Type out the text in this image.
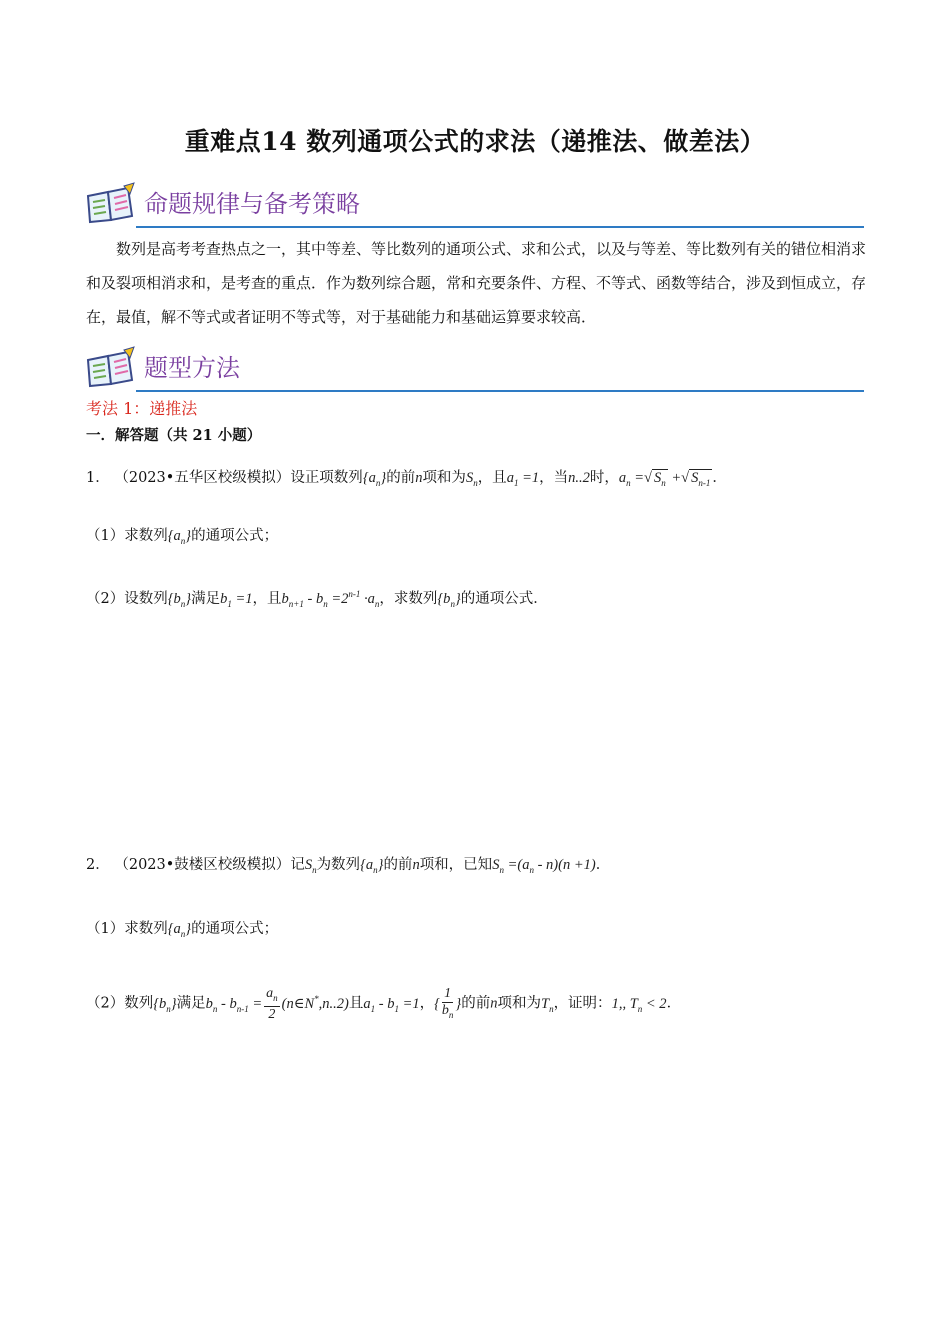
重难点14 数列通项公式的求法（递推法、做差法）
命题规律与备考策略
数列是高考考查热点之一，其中等差、等比数列的通项公式、求和公式，以及与等差、等比数列有关的错位相消求和及裂项相消求和，是考查的重点．作为数列综合题，常和充要条件、方程、不等式、函数等结合，涉及到恒成立，存在，最值，解不等式或者证明不等式等，对于基础能力和基础运算要求较高．
题型方法
考法 1：递推法
一．解答题（共 21 小题）
1． （2023•五华区校级模拟）设正项数列$\{a_n\}$的前n项和为$S_n$，且$a_1 =1$，当n..2时，$a_n$ =√ $S_n$ +√ $S_{n-1}$ ．
（1）求数列$\{a_n\}$的通项公式；
（2）设数列$\{b_n\}$满足$b_1 =1$，且$b_{n+1} - b_n =2^{n-1} \cdot a_n$，求数列$\{b_n\}$的通项公式．
2． （2023•鼓楼区校级模拟）记$S_n$为数列$\{a_n\}$的前n项和，已知$S_n =(a_n - n)(n +1)$．
（1）求数列$\{a_n\}$的通项公式；
（2）数列$\{b_n\}$满足$b_n - b_{n-1} = \frac{a_n}{2}$ (n∈N*,n..2)且$a_1 - b_1 =1$，{ $\frac{1}{b_n}$ }的前n项和为$T_n$，证明：1,, $T_n < 2$．
